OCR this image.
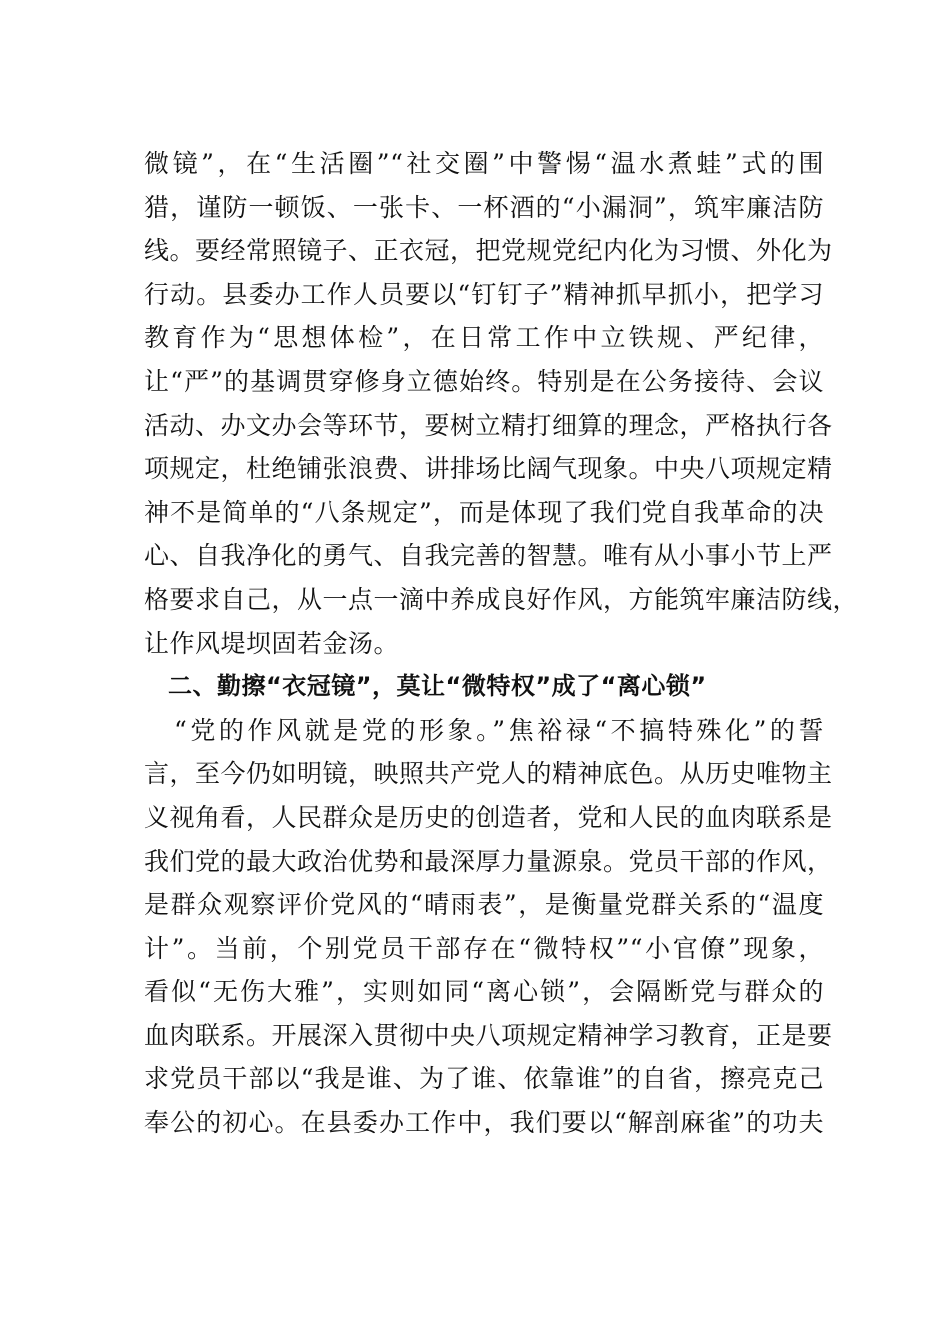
微镜”，在“生活圈”“社交圈”中警惕“温水煮蛙”式的围
猎，谨防一顿饭、一张卡、一杯酒的“小漏洞”，筑牢廉洁防
线。要经常照镜子、正衣冠，把党规党纪内化为习惯、外化为
行动。县委办工作人员要以“钉钉子”精神抓早抓小，把学习
教育作为“思想体检”，在日常工作中立铁规、严纪律，
让“严”的基调贯穿修身立德始终。特别是在公务接待、会议
活动、办文办会等环节，要树立精打细算的理念，严格执行各
项规定，杜绝铺张浪费、讲排场比阔气现象。中央八项规定精
神不是简单的“八条规定”，而是体现了我们党自我革命的决
心、自我净化的勇气、自我完善的智慧。唯有从小事小节上严
格要求自己，从一点一滴中养成良好作风，方能筑牢廉洁防线，
让作风堤坝固若金汤。
二、勤擦“衣冠镜”，莫让“微特权”成了“离心锁”
“党的作风就是党的形象。”焦裕禄“不搞特殊化”的誓
言，至今仍如明镜，映照共产党人的精神底色。从历史唯物主
义视角看，人民群众是历史的创造者，党和人民的血肉联系是
我们党的最大政治优势和最深厚力量源泉。党员干部的作风，
是群众观察评价党风的“晴雨表”，是衡量党群关系的“温度
计”。当前，个别党员干部存在“微特权”“小官僚”现象，
看似“无伤大雅”，实则如同“离心锁”，会隔断党与群众的
血肉联系。开展深入贯彻中央八项规定精神学习教育，正是要
求党员干部以“我是谁、为了谁、依靠谁”的自省，擦亮克己
奉公的初心。在县委办工作中，我们要以“解剖麻雀”的功夫
